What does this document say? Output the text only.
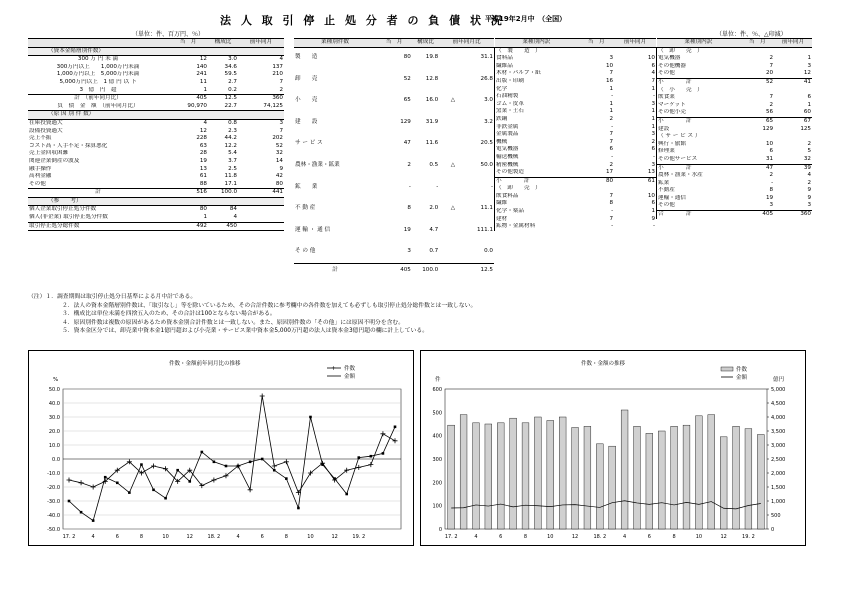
法 人 取 引 停 止 処 分 者 の 負 債 状 況
平成19年2月中　（全国）
（単位：件、百万円、％）	（単位：件、％、△印減）
	当　月	構成比	前年同月
（資本金階層別件数）			
300 万 円 未 満	12	3.0	4
300万円以上　　1,000万円未満	140	34.6	137
1,000万円以上　5,000万円未満	241	59.5	210
5,000万円以上　1 億 円 以 下	11	2.7	7
3　億　円　超	1	0.2	2
計　（前年同月比）	405	12.5	360
負　債　金　額　（前年同月比）	90,970	22.7	74,125
（原 因 別 件 数）			
在庫投資過大	4	0.8	3
設備投資過大	12	2.3	7
売上不振	228	44.2	202
コスト高・人手不足・採算悪化	63	12.2	52
売上金回収困難	28	5.4	32
関連企業倒産の波及	19	3.7	14
融手操作	13	2.5	9
高利金融	61	11.8	42
その他	88	17.1	80
計	516	100.0	441
（参　　考）			
個人企業取引停止処分件数	80	84	
個人(非企業) 取引停止処分件数	1	4	
取引停止処分総件数	492	450	
業種別件数	当　月	構成比	前年同月比	
製　　造	80	19.8		31.1
卸　　売	52	12.8		26.8
小　　売	65	16.0	△	3.0
建　　設	129	31.9		3.2
サ ー ビ ス	47	11.6		20.5
農林・漁業・鉱業	2	0.5	△	50.0
鉱　　業	-	-		-
不 動 産	8	2.0	△	11.1
運 輸 ・ 通 信	19	4.7		111.1
そ の 他	3	0.7		0.0
計	405	100.0		12.5
業種別内訳	当　月	前年同月
（　製　　造　）		
食料品	3	10
繊維品	10	6
木材・パルプ・紙	7	4
出版・印刷	16	7
化学	1	1
石油精製	-	-
ゴム・皮革	1	3
窯業・土石	1	1
鉄鋼	2	1
非鉄金属	-	1
金属製品	7	3
機械	7	2
電気機器	6	6
輸送機械	-	-
精密機械	2	3
その他製造	17	13
小　　　　計	80	61
（　卸　　売　）		
飲食料品	7	10
繊維	8	6
化学・薬品	-	1
建材	7	9
鉱物・金属材料	-	-
業種別内訳	当　月	前年同月
（　卸　　売　）		
電気機器	2	1
その他機器	7	3
その他	20	12
小　　　　計	52	41
（　小　　売　）		
飲食業	7	6
マーケット	2	1
その他小売	56	60
小　　　　計	65	67
建設	129	125
（ サ ー ビ ス ）		
興行・旅館	10	2
修理業	6	5
その他サービス	31	32
小　　　　計	47	39
農林・漁業・水産	2	4
鉱業	-	2
不動産	8	9
運輸・通信	19	9
その他	3	3

合　　　　計	405	360
（注）１．調査期間は取引停止処分日基準による月中計である。
２．法人の資本金階層別件数は、「取引なし」等を除いているため、その合計件数に参考欄中の各件数を加えても必ずしも取引停止処分総件数とは一致しない。
３．構成比は単位未満を四捨五入のため、その合計は100とならない場合がある。
４．原因別件数は複数の原因があるため資本金別合計件数とは一致しない。また、原因別件数の「その他」には原因不明分を含む。
５．資本金区分では、卸売業中資本金1億円超および小売業・サービス業中資本金5,000万円超の法人は資本金3億円超の欄に計上している。
件数・金額前年同月比の推移
%
+ 件数
金額
50.0
40.0
30.0
20.0
10.0
0.0
-10.0
-20.0
-30.0
-40.0
-50.0
17. 2	4	6	8	10	12	18. 2	4	6	8	10	12	19. 2
件数・金額の推移
件	億円
件数
金額
600
500
400
300
200
100
0
5,000
4,500
4,000
3,500
3,000
2,500
2,000
1,500
1,000
500
0
17. 2	4	6	8	10	12	18. 2	4	6	8	10	12	19. 2
